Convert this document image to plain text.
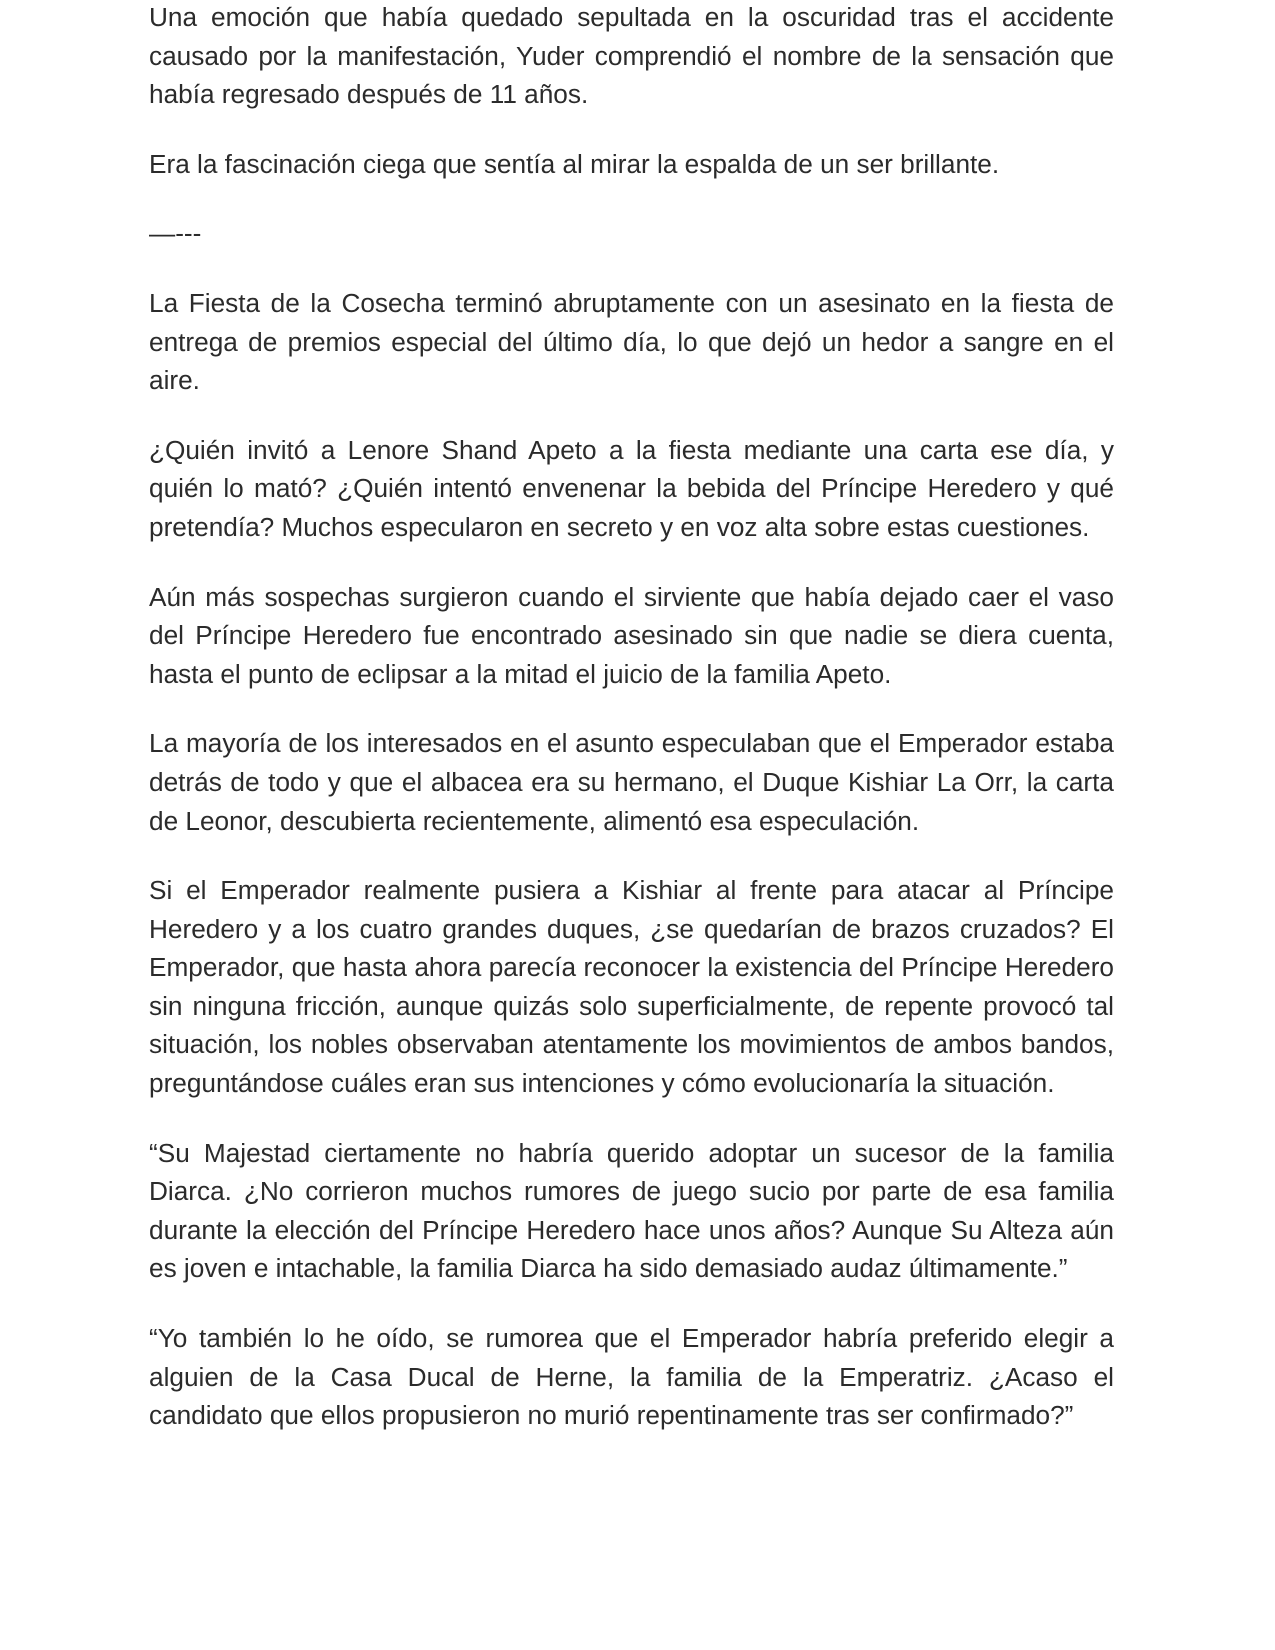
Una emoción que había quedado sepultada en la oscuridad tras el accidente causado por la manifestación, Yuder comprendió el nombre de la sensación que había regresado después de 11 años.

Era la fascinación ciega que sentía al mirar la espalda de un ser brillante.

—---

La Fiesta de la Cosecha terminó abruptamente con un asesinato en la fiesta de entrega de premios especial del último día, lo que dejó un hedor a sangre en el aire.

¿Quién invitó a Lenore Shand Apeto a la fiesta mediante una carta ese día, y quién lo mató? ¿Quién intentó envenenar la bebida del Príncipe Heredero y qué pretendía? Muchos especularon en secreto y en voz alta sobre estas cuestiones.

Aún más sospechas surgieron cuando el sirviente que había dejado caer el vaso del Príncipe Heredero fue encontrado asesinado sin que nadie se diera cuenta, hasta el punto de eclipsar a la mitad el juicio de la familia Apeto.

La mayoría de los interesados en el asunto especulaban que el Emperador estaba detrás de todo y que el albacea era su hermano, el Duque Kishiar La Orr, la carta de Leonor, descubierta recientemente, alimentó esa especulación.

Si el Emperador realmente pusiera a Kishiar al frente para atacar al Príncipe Heredero y a los cuatro grandes duques, ¿se quedarían de brazos cruzados? El Emperador, que hasta ahora parecía reconocer la existencia del Príncipe Heredero sin ninguna fricción, aunque quizás solo superficialmente, de repente provocó tal situación, los nobles observaban atentamente los movimientos de ambos bandos, preguntándose cuáles eran sus intenciones y cómo evolucionaría la situación.

“Su Majestad ciertamente no habría querido adoptar un sucesor de la familia Diarca. ¿No corrieron muchos rumores de juego sucio por parte de esa familia durante la elección del Príncipe Heredero hace unos años? Aunque Su Alteza aún es joven e intachable, la familia Diarca ha sido demasiado audaz últimamente.”

“Yo también lo he oído, se rumorea que el Emperador habría preferido elegir a alguien de la Casa Ducal de Herne, la familia de la Emperatriz. ¿Acaso el candidato que ellos propusieron no murió repentinamente tras ser confirmado?”
